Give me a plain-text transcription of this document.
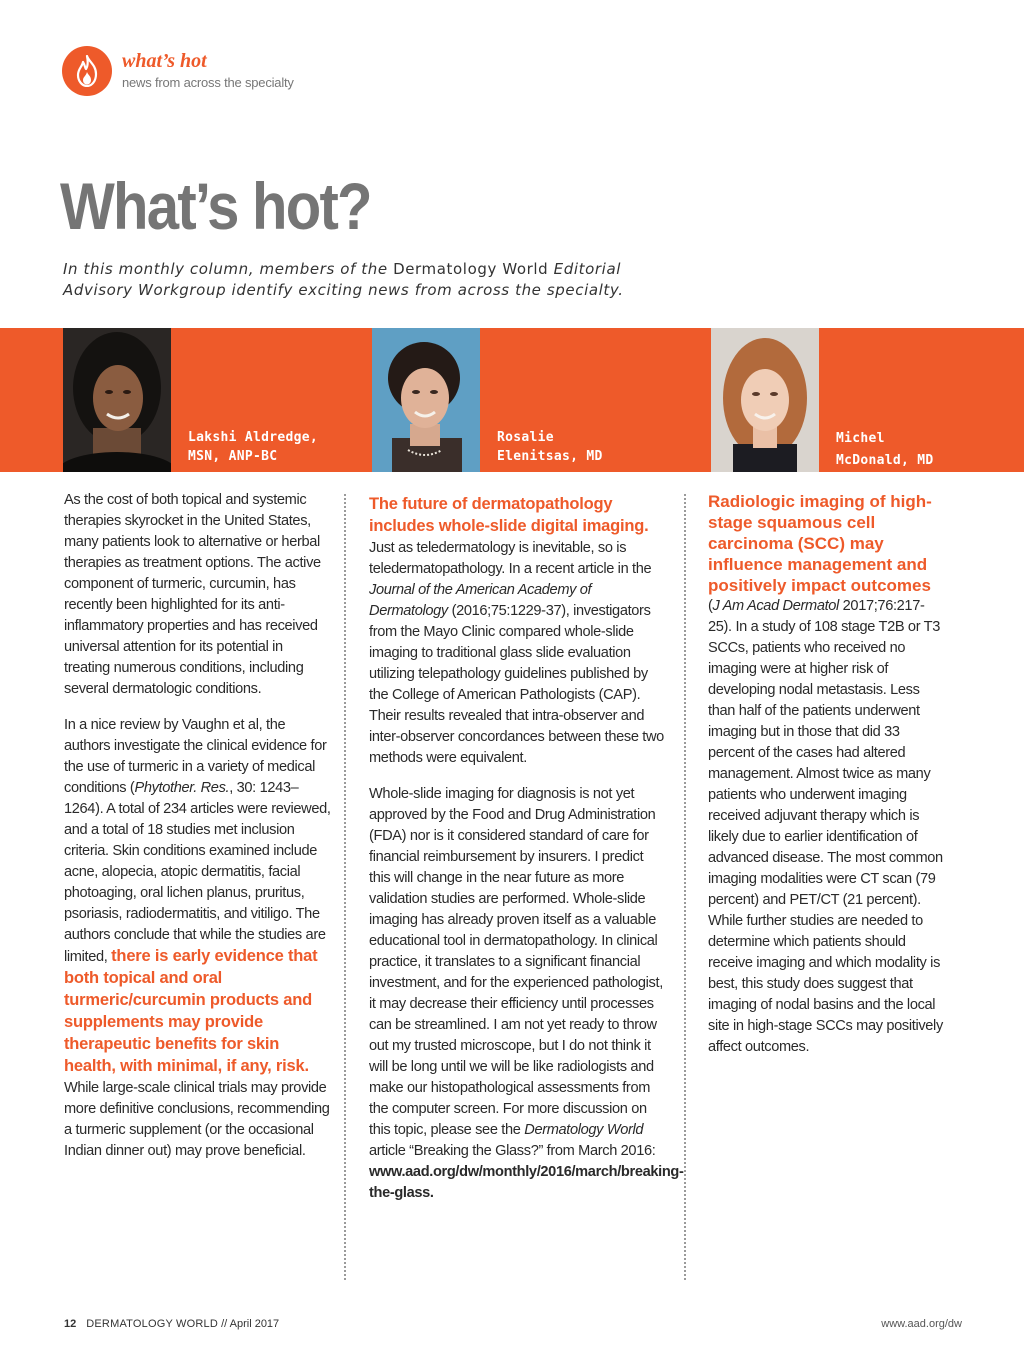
what’s hot
news from across the specialty
What’s hot?
In this monthly column, members of the Dermatology World Editorial Advisory Workgroup identify exciting news from across the specialty.
Lakshi Aldredge,
MSN, ANP-BC
Rosalie
Elenitsas, MD
Michel
McDonald, MD

As the cost of both topical and systemic therapies skyrocket in the United States, many patients look to alternative or herbal therapies as treatment options. The active component of turmeric, curcumin, has recently been highlighted for its anti-inflammatory properties and has received universal attention for its potential in treating numerous conditions, including several dermatologic conditions.

In a nice review by Vaughn et al, the authors investigate the clinical evidence for the use of turmeric in a variety of medical conditions (Phytother. Res., 30: 1243–1264). A total of 234 articles were reviewed, and a total of 18 studies met inclusion criteria. Skin conditions examined include acne, alopecia, atopic dermatitis, facial photoaging, oral lichen planus, pruritus, psoriasis, radiodermatitis, and vitiligo. The authors conclude that while the studies are limited, there is early evidence that both topical and oral turmeric/curcumin products and supplements may provide therapeutic benefits for skin health, with minimal, if any, risk. While large-scale clinical trials may provide more definitive conclusions, recommending a turmeric supplement (or the occasional Indian dinner out) may prove beneficial.

The future of dermatopathology includes whole-slide digital imaging. Just as teledermatology is inevitable, so is teledermatopathology. In a recent article in the Journal of the American Academy of Dermatology (2016;75:1229-37), investigators from the Mayo Clinic compared whole-slide imaging to traditional glass slide evaluation utilizing telepathology guidelines published by the College of American Pathologists (CAP). Their results revealed that intra-observer and inter-observer concordances between these two methods were equivalent.

Whole-slide imaging for diagnosis is not yet approved by the Food and Drug Administration (FDA) nor is it considered standard of care for financial reimbursement by insurers. I predict this will change in the near future as more validation studies are performed. Whole-slide imaging has already proven itself as a valuable educational tool in dermatopathology. In clinical practice, it translates to a significant financial investment, and for the experienced pathologist, it may decrease their efficiency until processes can be streamlined. I am not yet ready to throw out my trusted microscope, but I do not think it will be long until we will be like radiologists and make our histopathological assessments from the computer screen. For more discussion on this topic, please see the Dermatology World article “Breaking the Glass?” from March 2016: www.aad.org/dw/monthly/2016/march/breaking-the-glass.

Radiologic imaging of high-stage squamous cell carcinoma (SCC) may influence management and positively impact outcomes
(J Am Acad Dermatol 2017;76:217-25). In a study of 108 stage T2B or T3 SCCs, patients who received no imaging were at higher risk of developing nodal metastasis. Less than half of the patients underwent imaging but in those that did 33 percent of the cases had altered management. Almost twice as many patients who underwent imaging received adjuvant therapy which is likely due to earlier identification of advanced disease. The most common imaging modalities were CT scan (79 percent) and PET/CT (21 percent). While further studies are needed to determine which patients should receive imaging and which modality is best, this study does suggest that imaging of nodal basins and the local site in high-stage SCCs may positively affect outcomes.

12 DERMATOLOGY WORLD // April 2017	www.aad.org/dw
